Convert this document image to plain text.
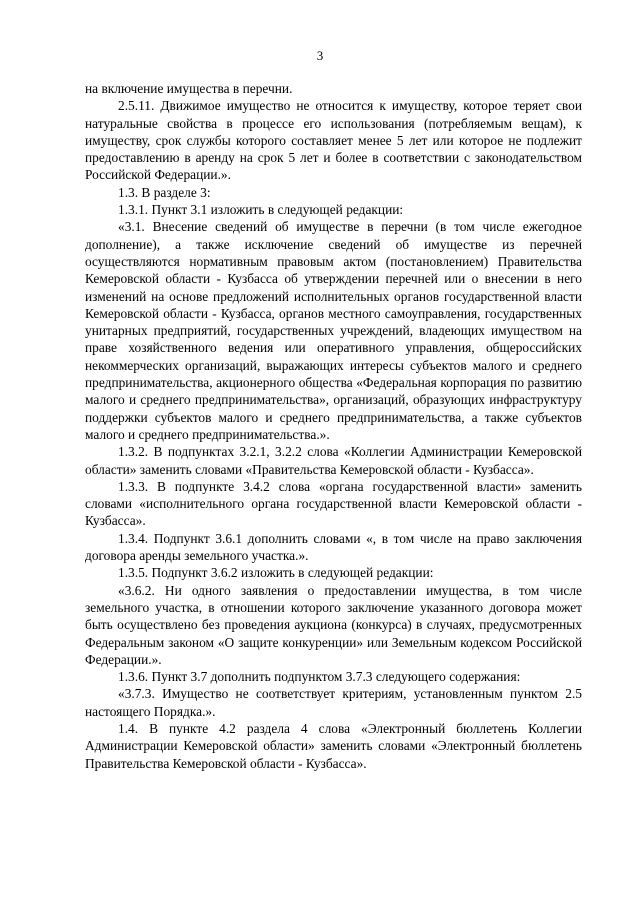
3

на включение имущества в перечни.

2.5.11. Движимое имущество не относится к имуществу, которое теряет свои натуральные свойства в процессе его использования (потребляемым вещам), к имуществу, срок службы которого составляет менее 5 лет или которое не подлежит предоставлению в аренду на срок 5 лет и более в соответствии с законодательством Российской Федерации.».

1.3. В разделе 3:

1.3.1. Пункт 3.1 изложить в следующей редакции:

«3.1. Внесение сведений об имуществе в перечни (в том числе ежегодное дополнение), а также исключение сведений об имуществе из перечней осуществляются нормативным правовым актом (постановлением) Правительства Кемеровской области - Кузбасса об утверждении перечней или о внесении в него изменений на основе предложений исполнительных органов государственной власти Кемеровской области - Кузбасса, органов местного самоуправления, государственных унитарных предприятий, государственных учреждений, владеющих имуществом на праве хозяйственного ведения или оперативного управления, общероссийских некоммерческих организаций, выражающих интересы субъектов малого и среднего предпринимательства, акционерного общества «Федеральная корпорация по развитию малого и среднего предпринимательства», организаций, образующих инфраструктуру поддержки субъектов малого и среднего предпринимательства, а также субъектов малого и среднего предпринимательства.».

1.3.2. В подпунктах 3.2.1, 3.2.2 слова «Коллегии Администрации Кемеровской области» заменить словами «Правительства Кемеровской области - Кузбасса».

1.3.3. В подпункте 3.4.2 слова «органа государственной власти» заменить словами «исполнительного органа государственной власти Кемеровской области - Кузбасса».

1.3.4. Подпункт 3.6.1 дополнить словами «, в том числе на право заключения договора аренды земельного участка.».

1.3.5. Подпункт 3.6.2 изложить в следующей редакции:

«3.6.2. Ни одного заявления о предоставлении имущества, в том числе земельного участка, в отношении которого заключение указанного договора может быть осуществлено без проведения аукциона (конкурса) в случаях, предусмотренных Федеральным законом «О защите конкуренции» или Земельным кодексом Российской Федерации.».

1.3.6. Пункт 3.7 дополнить подпунктом 3.7.3 следующего содержания:

«3.7.3. Имущество не соответствует критериям, установленным пунктом 2.5 настоящего Порядка.».

1.4. В пункте 4.2 раздела 4 слова «Электронный бюллетень Коллегии Администрации Кемеровской области» заменить словами «Электронный бюллетень Правительства Кемеровской области - Кузбасса».
